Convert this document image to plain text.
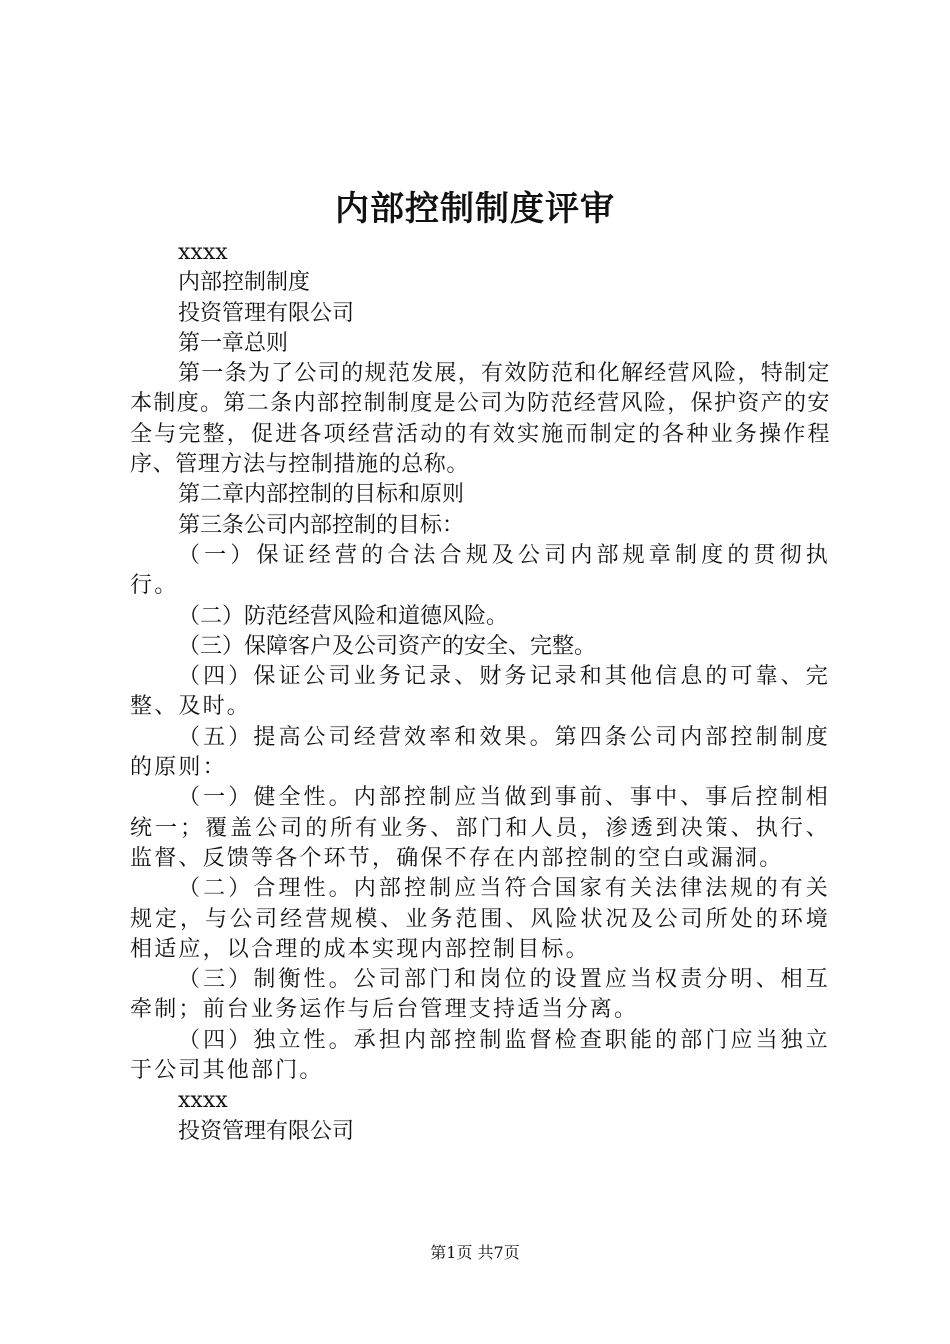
内部控制制度评审

xxxx

内部控制制度

投资管理有限公司

第一章总则

第一条为了公司的规范发展，有效防范和化解经营风险，特制定本制度。第二条内部控制制度是公司为防范经营风险，保护资产的安全与完整，促进各项经营活动的有效实施而制定的各种业务操作程序、管理方法与控制措施的总称。

第二章内部控制的目标和原则

第三条公司内部控制的目标：

（一）保证经营的合法合规及公司内部规章制度的贯彻执行。

（二）防范经营风险和道德风险。

（三）保障客户及公司资产的安全、完整。

（四）保证公司业务记录、财务记录和其他信息的可靠、完整、及时。

（五）提高公司经营效率和效果。第四条公司内部控制制度的原则：

（一）健全性。内部控制应当做到事前、事中、事后控制相统一；覆盖公司的所有业务、部门和人员，渗透到决策、执行、监督、反馈等各个环节，确保不存在内部控制的空白或漏洞。

（二）合理性。内部控制应当符合国家有关法律法规的有关规定，与公司经营规模、业务范围、风险状况及公司所处的环境相适应，以合理的成本实现内部控制目标。

（三）制衡性。公司部门和岗位的设置应当权责分明、相互牵制；前台业务运作与后台管理支持适当分离。

（四）独立性。承担内部控制监督检查职能的部门应当独立于公司其他部门。

xxxx

投资管理有限公司

第1页 共7页
